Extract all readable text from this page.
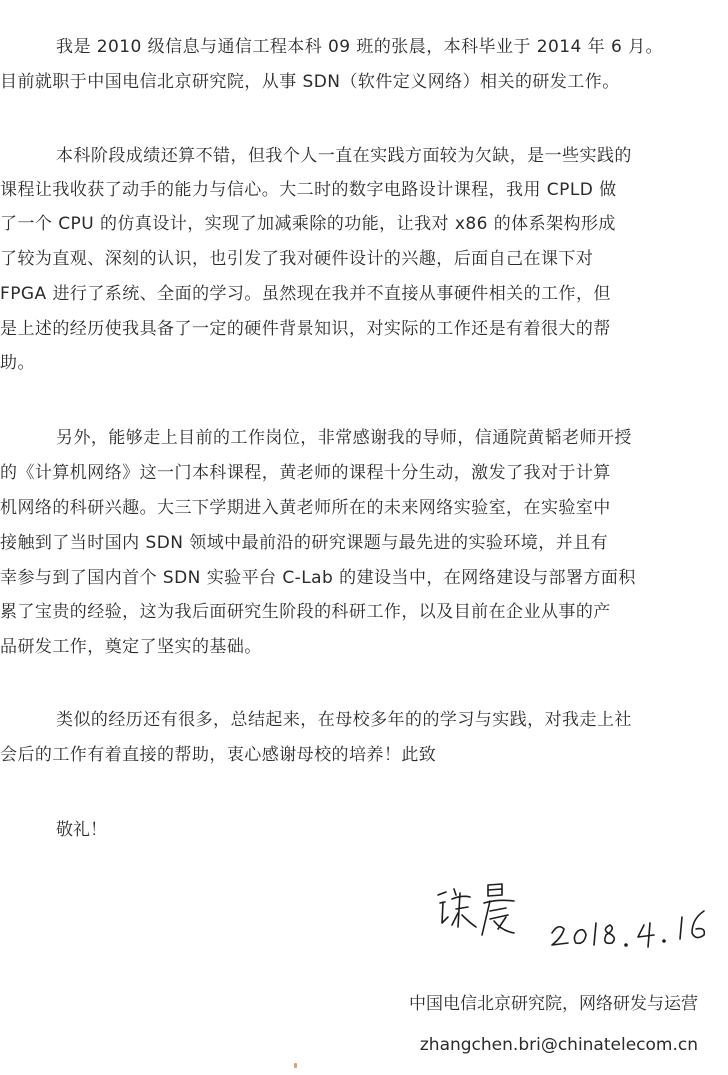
我是 2010 级信息与通信工程本科 09 班的张晨，本科毕业于 2014 年 6 月。
目前就职于中国电信北京研究院，从事 SDN（软件定义网络）相关的研发工作。
本科阶段成绩还算不错，但我个人一直在实践方面较为欠缺，是一些实践的
课程让我收获了动手的能力与信心。大二时的数字电路设计课程，我用 CPLD 做
了一个 CPU 的仿真设计，实现了加减乘除的功能，让我对 x86 的体系架构形成
了较为直观、深刻的认识，也引发了我对硬件设计的兴趣，后面自己在课下对
FPGA 进行了系统、全面的学习。虽然现在我并不直接从事硬件相关的工作，但
是上述的经历使我具备了一定的硬件背景知识，对实际的工作还是有着很大的帮
助。
另外，能够走上目前的工作岗位，非常感谢我的导师，信通院黄韬老师开授
的《计算机网络》这一门本科课程，黄老师的课程十分生动，激发了我对于计算
机网络的科研兴趣。大三下学期进入黄老师所在的未来网络实验室，在实验室中
接触到了当时国内 SDN 领域中最前沿的研究课题与最先进的实验环境，并且有
幸参与到了国内首个 SDN 实验平台 C-Lab 的建设当中，在网络建设与部署方面积
累了宝贵的经验，这为我后面研究生阶段的科研工作，以及目前在企业从事的产
品研发工作，奠定了坚实的基础。
类似的经历还有很多，总结起来，在母校多年的的学习与实践，对我走上社
会后的工作有着直接的帮助，衷心感谢母校的培养！此致
敬礼！
中国电信北京研究院，网络研发与运营
zhangchen.bri@chinatelecom.cn
